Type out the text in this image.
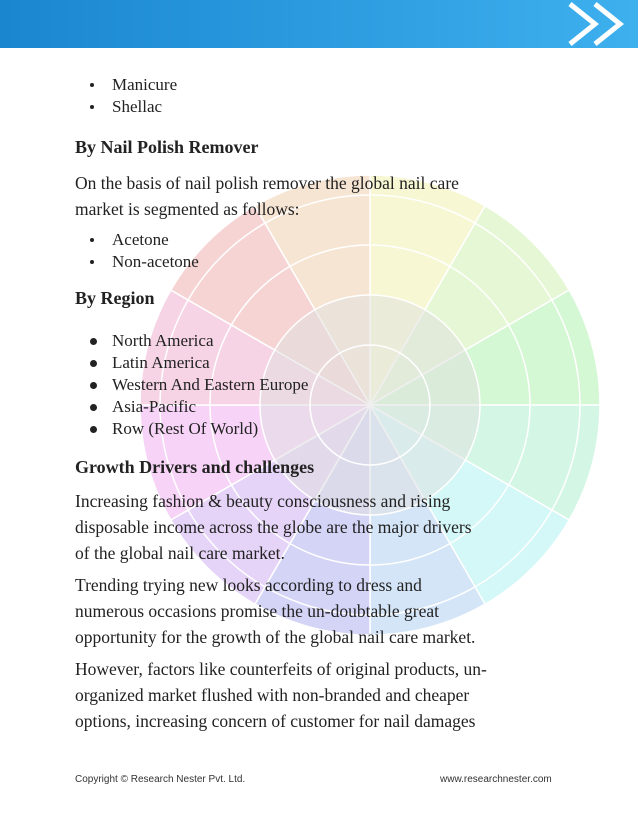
Manicure
Shellac
By Nail Polish Remover
On the basis of nail polish remover the global nail care
market is segmented as follows:
Acetone
Non-acetone
By Region
North America
Latin America
Western And Eastern Europe
Asia-Pacific
Row (Rest Of World)
Growth Drivers and challenges
Increasing fashion & beauty consciousness and rising
disposable income across the globe are the major drivers
of the global nail care market.
Trending trying new looks according to dress and
numerous occasions promise the un-doubtable great
opportunity for the growth of the global nail care market.
However, factors like counterfeits of original products, un-
organized market flushed with non-branded and cheaper
options, increasing concern of customer for nail damages
Copyright © Research Nester Pvt. Ltd.	www.researchnester.com
